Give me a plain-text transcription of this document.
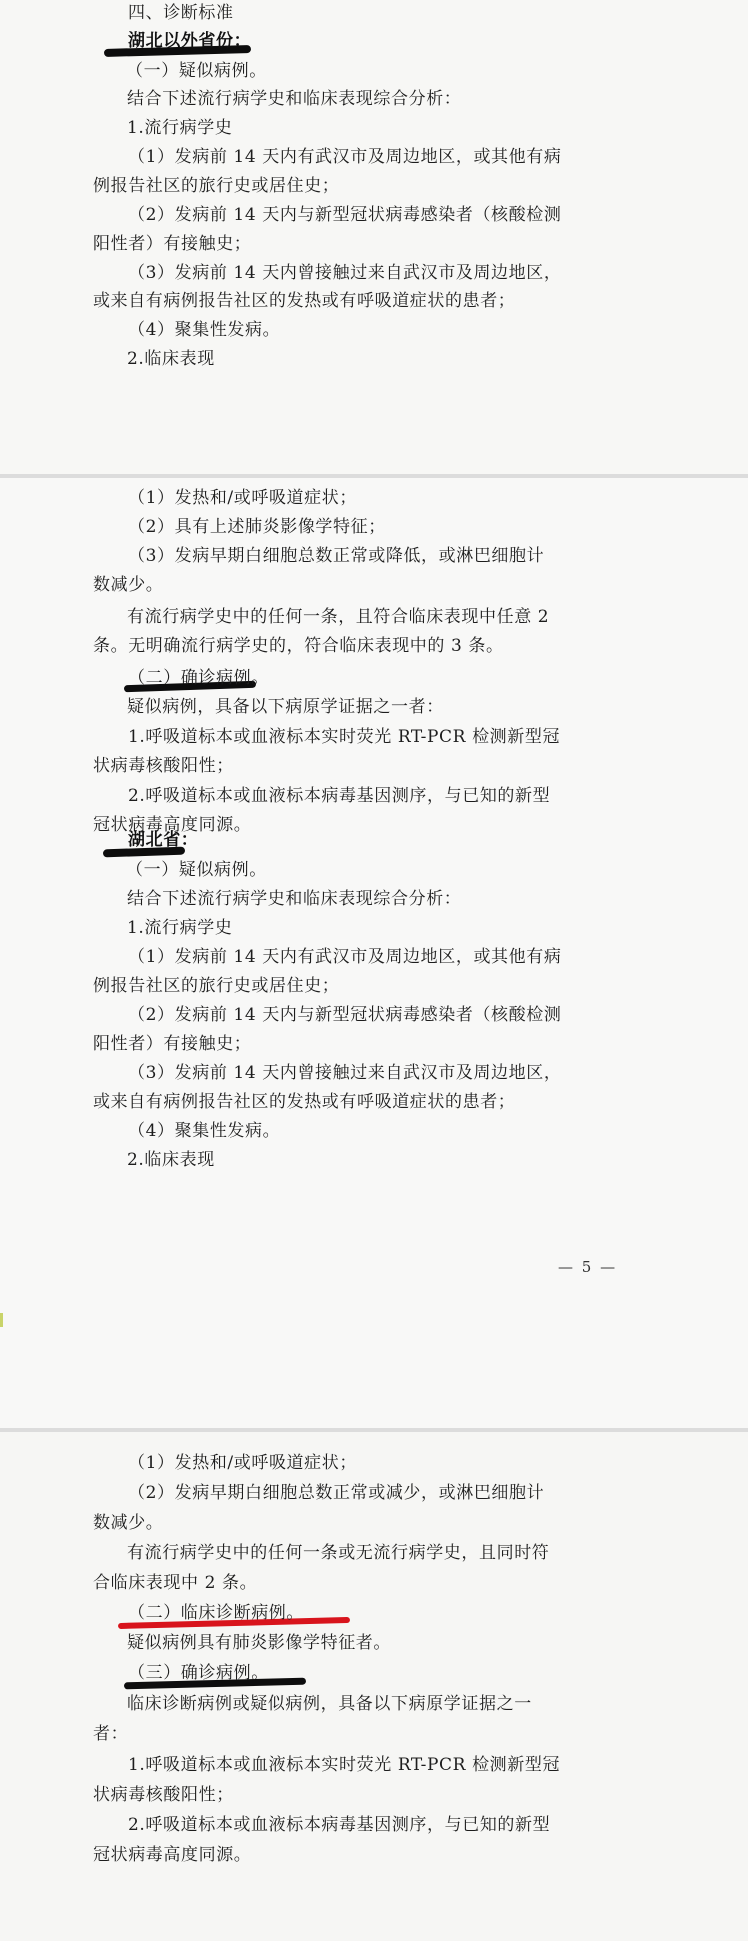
四、诊断标准
湖北以外省份：
（一）疑似病例。
结合下述流行病学史和临床表现综合分析：
1.流行病学史
（1）发病前 14 天内有武汉市及周边地区，或其他有病
例报告社区的旅行史或居住史；
（2）发病前 14 天内与新型冠状病毒感染者（核酸检测
阳性者）有接触史；
（3）发病前 14 天内曾接触过来自武汉市及周边地区，
或来自有病例报告社区的发热或有呼吸道症状的患者；
（4）聚集性发病。
2.临床表现
（1）发热和/或呼吸道症状；
（2）具有上述肺炎影像学特征；
（3）发病早期白细胞总数正常或降低，或淋巴细胞计
数减少。
有流行病学史中的任何一条，且符合临床表现中任意 2
条。无明确流行病学史的，符合临床表现中的 3 条。
（二）确诊病例。
疑似病例，具备以下病原学证据之一者：
1.呼吸道标本或血液标本实时荧光 RT-PCR 检测新型冠
状病毒核酸阳性；
2.呼吸道标本或血液标本病毒基因测序，与已知的新型
冠状病毒高度同源。
湖北省：
（一）疑似病例。
结合下述流行病学史和临床表现综合分析：
1.流行病学史
（1）发病前 14 天内有武汉市及周边地区，或其他有病
例报告社区的旅行史或居住史；
（2）发病前 14 天内与新型冠状病毒感染者（核酸检测
阳性者）有接触史；
（3）发病前 14 天内曾接触过来自武汉市及周边地区，
或来自有病例报告社区的发热或有呼吸道症状的患者；
（4）聚集性发病。
2.临床表现
— 5 —
（1）发热和/或呼吸道症状；
（2）发病早期白细胞总数正常或减少，或淋巴细胞计
数减少。
有流行病学史中的任何一条或无流行病学史，且同时符
合临床表现中 2 条。
（二）临床诊断病例。
疑似病例具有肺炎影像学特征者。
（三）确诊病例。
临床诊断病例或疑似病例，具备以下病原学证据之一
者：
1.呼吸道标本或血液标本实时荧光 RT-PCR 检测新型冠
状病毒核酸阳性；
2.呼吸道标本或血液标本病毒基因测序，与已知的新型
冠状病毒高度同源。
